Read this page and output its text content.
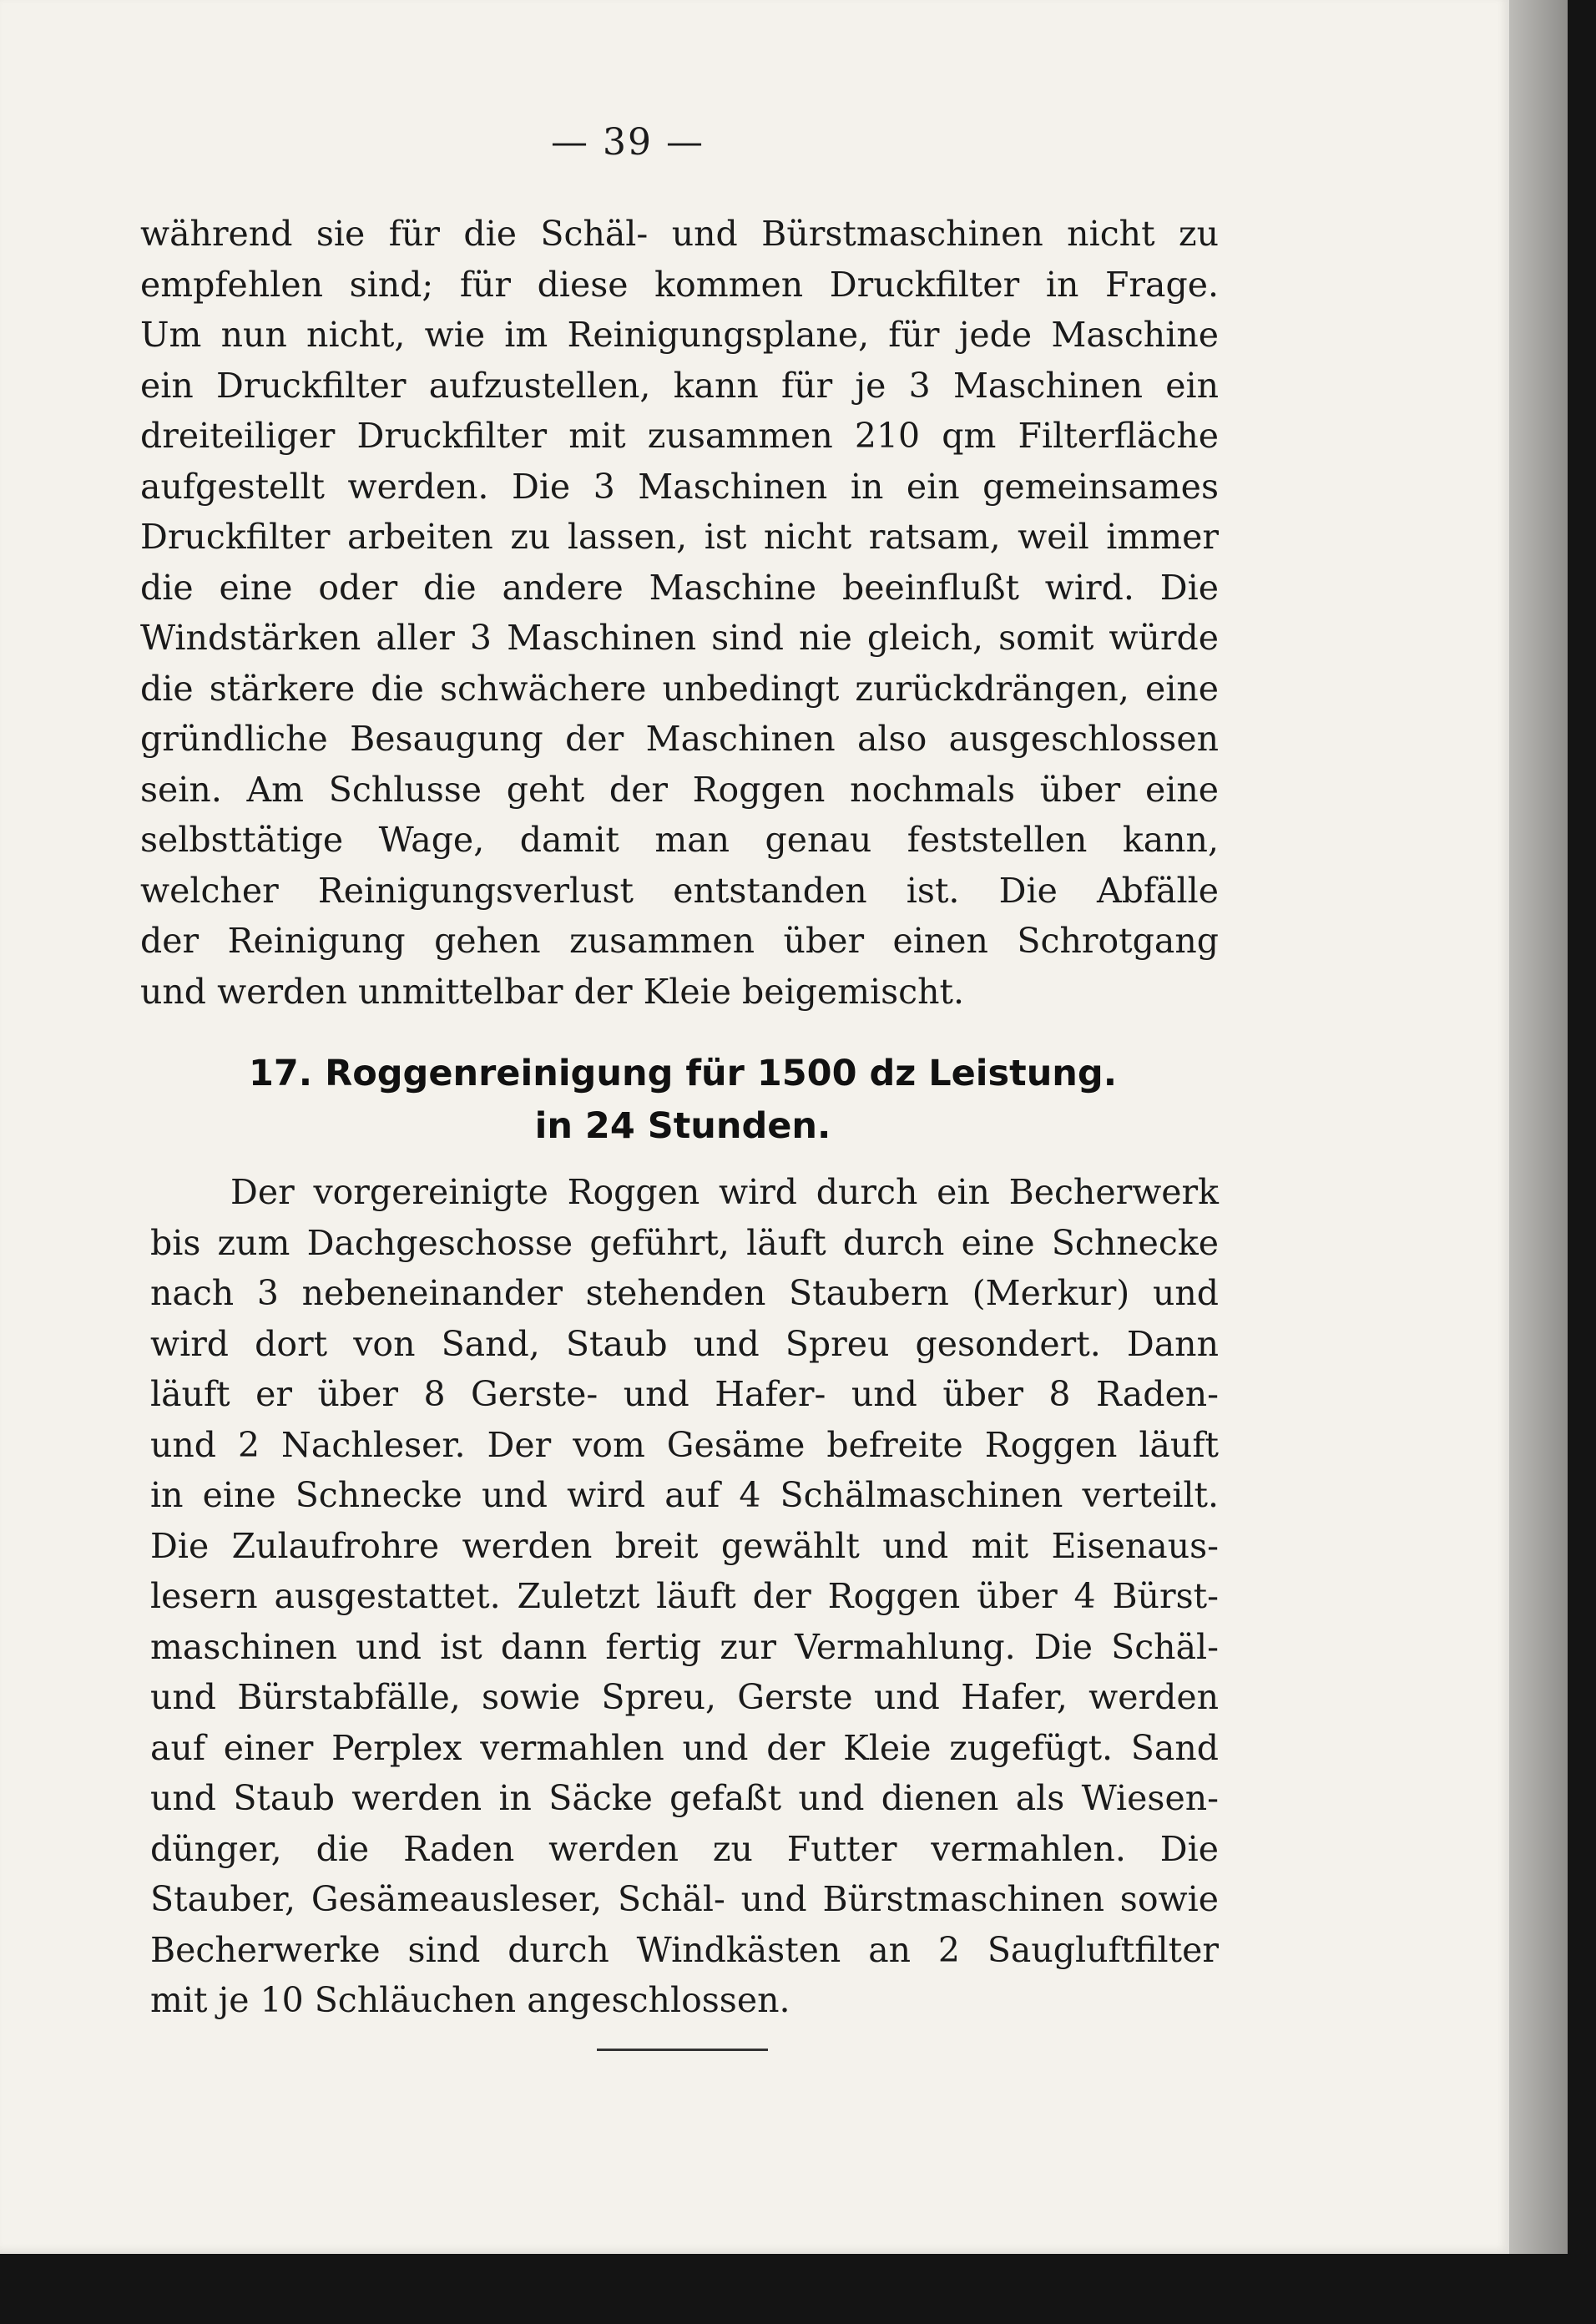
— 39 —
während sie für die Schäl- und Bürstmaschinen nicht zu
empfehlen sind; für diese kommen Druckfilter in Frage.
Um nun nicht, wie im Reinigungsplane, für jede Maschine
ein Druckfilter aufzustellen, kann für je 3 Maschinen ein
dreiteiliger Druckfilter mit zusammen 210 qm Filterfläche
aufgestellt werden. Die 3 Maschinen in ein gemeinsames
Druckfilter arbeiten zu lassen, ist nicht ratsam, weil immer
die eine oder die andere Maschine beeinflußt wird. Die
Windstärken aller 3 Maschinen sind nie gleich, somit würde
die stärkere die schwächere unbedingt zurückdrängen, eine
gründliche Besaugung der Maschinen also ausgeschlossen
sein. Am Schlusse geht der Roggen nochmals über eine
selbsttätige Wage, damit man genau feststellen kann,
welcher Reinigungsverlust entstanden ist. Die Abfälle
der Reinigung gehen zusammen über einen Schrotgang
und werden unmittelbar der Kleie beigemischt.
17. Roggenreinigung für 1500 dz Leistung.
in 24 Stunden.
Der vorgereinigte Roggen wird durch ein Becherwerk
bis zum Dachgeschosse geführt, läuft durch eine Schnecke
nach 3 nebeneinander stehenden Staubern (Merkur) und
wird dort von Sand, Staub und Spreu gesondert. Dann
läuft er über 8 Gerste- und Hafer- und über 8 Raden-
und 2 Nachleser. Der vom Gesäme befreite Roggen läuft
in eine Schnecke und wird auf 4 Schälmaschinen verteilt.
Die Zulaufrohre werden breit gewählt und mit Eisenaus-
lesern ausgestattet. Zuletzt läuft der Roggen über 4 Bürst-
maschinen und ist dann fertig zur Vermahlung. Die Schäl-
und Bürstabfälle, sowie Spreu, Gerste und Hafer, werden
auf einer Perplex vermahlen und der Kleie zugefügt. Sand
und Staub werden in Säcke gefaßt und dienen als Wiesen-
dünger, die Raden werden zu Futter vermahlen. Die
Stauber, Gesämeausleser, Schäl- und Bürstmaschinen sowie
Becherwerke sind durch Windkästen an 2 Saugluftfilter
mit je 10 Schläuchen angeschlossen.
